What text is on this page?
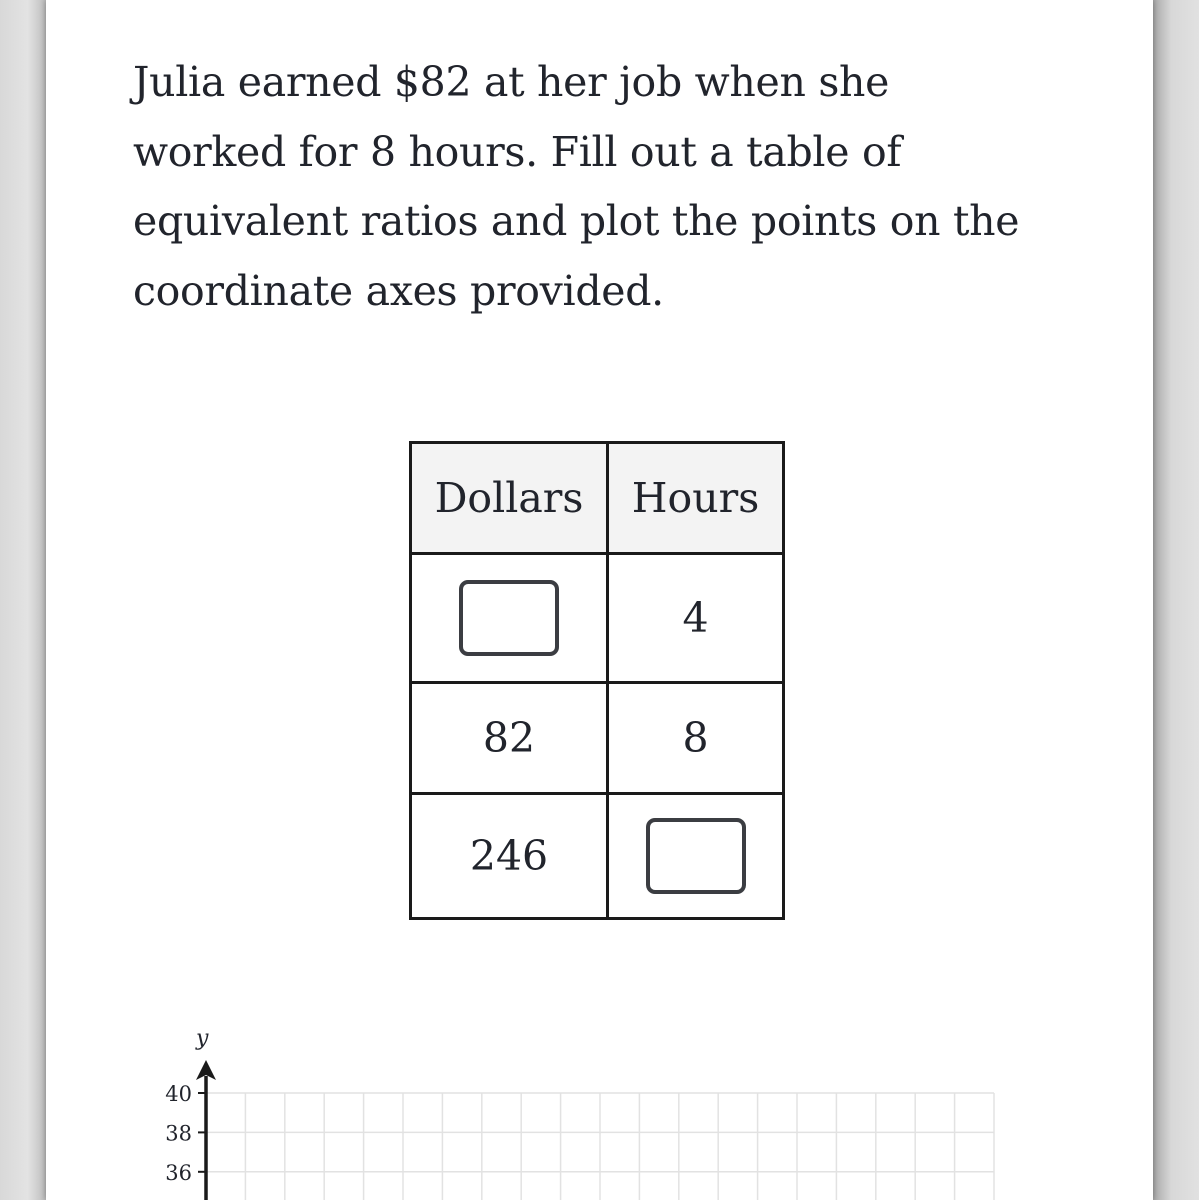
Julia earned $82 at her job when she worked for 8 hours. Fill out a table of equivalent ratios and plot the points on the coordinate axes provided.

Dollars	Hours
	4
82	8
246	
y
40
38
36
